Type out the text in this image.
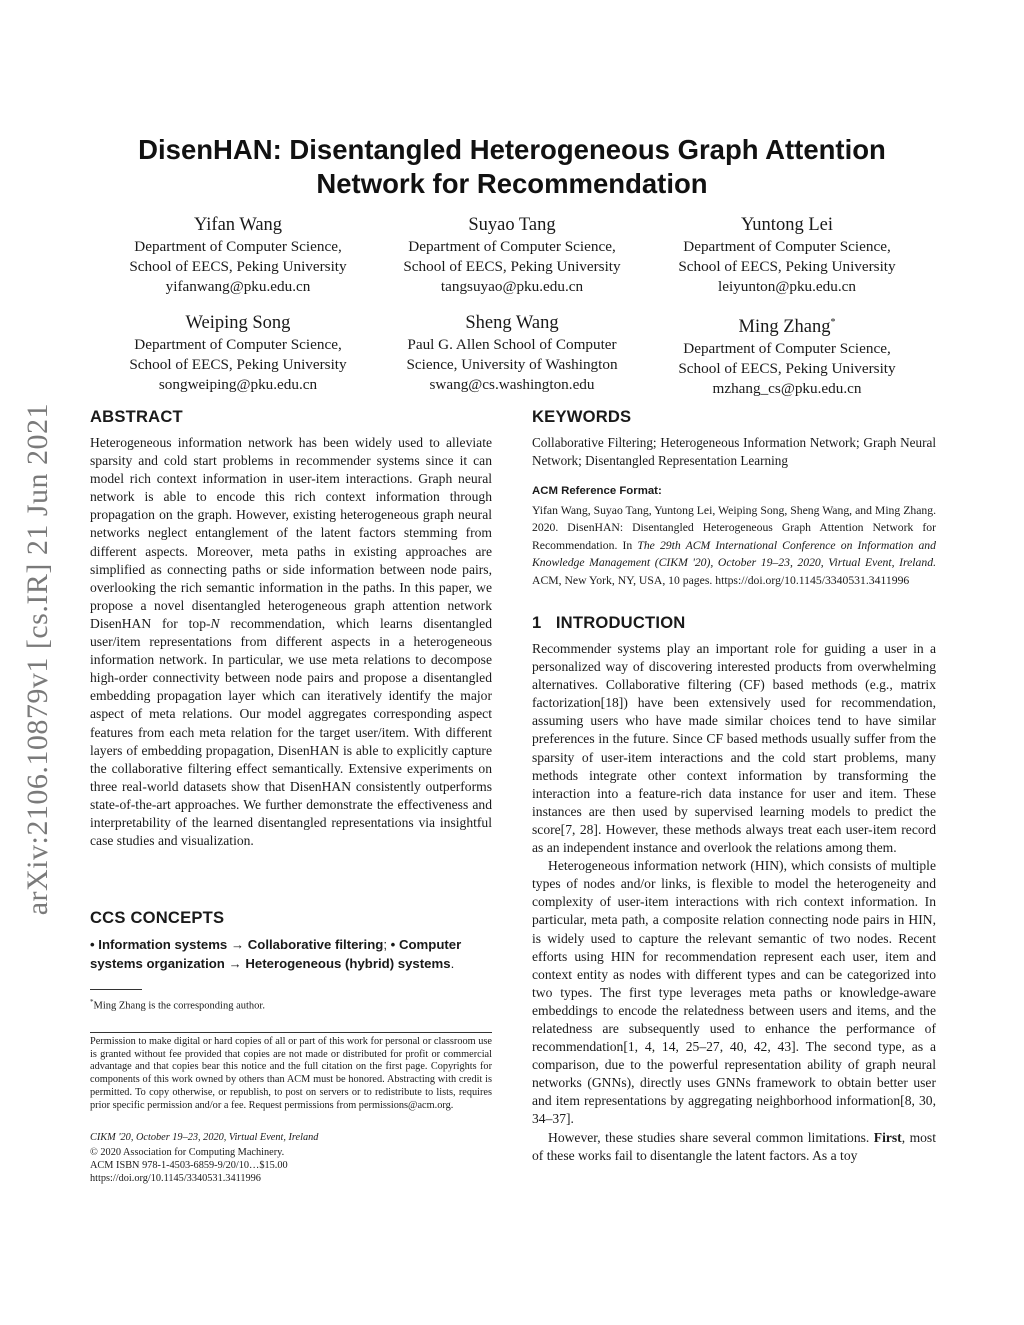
arXiv:2106.10879v1 [cs.IR] 21 Jun 2021
DisenHAN: Disentangled Heterogeneous Graph Attention
Network for Recommendation
Yifan Wang
Department of Computer Science,
School of EECS, Peking University
yifanwang@pku.edu.cn
Suyao Tang
Department of Computer Science,
School of EECS, Peking University
tangsuyao@pku.edu.cn
Yuntong Lei
Department of Computer Science,
School of EECS, Peking University
leiyunton@pku.edu.cn
Weiping Song
Department of Computer Science,
School of EECS, Peking University
songweiping@pku.edu.cn
Sheng Wang
Paul G. Allen School of Computer
Science, University of Washington
swang@cs.washington.edu
Ming Zhang*
Department of Computer Science,
School of EECS, Peking University
mzhang_cs@pku.edu.cn
ABSTRACT

Heterogeneous information network has been widely used to alleviate sparsity and cold start problems in recommender systems since it can model rich context information in user-item interactions. Graph neural network is able to encode this rich context information through propagation on the graph. However, existing heterogeneous graph neural networks neglect entanglement of the latent factors stemming from different aspects. Moreover, meta paths in existing approaches are simplified as connecting paths or side information between node pairs, overlooking the rich semantic information in the paths. In this paper, we propose a novel disentangled heterogeneous graph attention network DisenHAN for top-N recommendation, which learns disentangled user/item representations from different aspects in a heterogeneous information network. In particular, we use meta relations to decompose high-order connectivity between node pairs and propose a disentangled embedding propagation layer which can iteratively identify the major aspect of meta relations. Our model aggregates corresponding aspect features from each meta relation for the target user/item. With different layers of embedding propagation, DisenHAN is able to explicitly capture the collaborative filtering effect semantically. Extensive experiments on three real-world datasets show that DisenHAN consistently outperforms state-of-the-art approaches. We further demonstrate the effectiveness and interpretability of the learned disentangled representations via insightful case studies and visualization.

CCS CONCEPTS
• Information systems → Collaborative filtering; • Computer systems organization → Heterogeneous (hybrid) systems.
*Ming Zhang is the corresponding author.

Permission to make digital or hard copies of all or part of this work for personal or classroom use is granted without fee provided that copies are not made or distributed for profit or commercial advantage and that copies bear this notice and the full citation on the first page. Copyrights for components of this work owned by others than ACM must be honored. Abstracting with credit is permitted. To copy otherwise, or republish, to post on servers or to redistribute to lists, requires prior specific permission and/or a fee. Request permissions from permissions@acm.org.

CIKM '20, October 19–23, 2020, Virtual Event, Ireland
© 2020 Association for Computing Machinery.
ACM ISBN 978-1-4503-6859-9/20/10…$15.00
https://doi.org/10.1145/3340531.3411996
KEYWORDS

Collaborative Filtering; Heterogeneous Information Network; Graph Neural Network; Disentangled Representation Learning

ACM Reference Format:

Yifan Wang, Suyao Tang, Yuntong Lei, Weiping Song, Sheng Wang, and Ming Zhang. 2020. DisenHAN: Disentangled Heterogeneous Graph Attention Network for Recommendation. In The 29th ACM International Conference on Information and Knowledge Management (CIKM '20), October 19–23, 2020, Virtual Event, Ireland. ACM, New York, NY, USA, 10 pages. https://doi.org/10.1145/3340531.3411996

1 INTRODUCTION

Recommender systems play an important role for guiding a user in a personalized way of discovering interested products from overwhelming alternatives. Collaborative filtering (CF) based methods (e.g., matrix factorization[18]) have been extensively used for recommendation, assuming users who have made similar choices tend to have similar preferences in the future. Since CF based methods usually suffer from the sparsity of user-item interactions and the cold start problems, many methods integrate other context information by transforming the interaction into a feature-rich data instance for user and item. These instances are then used by supervised learning models to predict the score[7, 28]. However, these methods always treat each user-item record as an independent instance and overlook the relations among them.

Heterogeneous information network (HIN), which consists of multiple types of nodes and/or links, is flexible to model the heterogeneity and complexity of user-item interactions with rich context information. In particular, meta path, a composite relation connecting node pairs in HIN, is widely used to capture the relevant semantic of two nodes. Recent efforts using HIN for recommendation represent each user, item and context entity as nodes with different types and can be categorized into two types. The first type leverages meta paths or knowledge-aware embeddings to encode the relatedness between users and items, and the relatedness are subsequently used to enhance the performance of recommendation[1, 4, 14, 25–27, 40, 42, 43]. The second type, as a comparison, due to the powerful representation ability of graph neural networks (GNNs), directly uses GNNs framework to obtain better user and item representations by aggregating neighborhood information[8, 30, 34–37].

However, these studies share several common limitations. First, most of these works fail to disentangle the latent factors. As a toy
